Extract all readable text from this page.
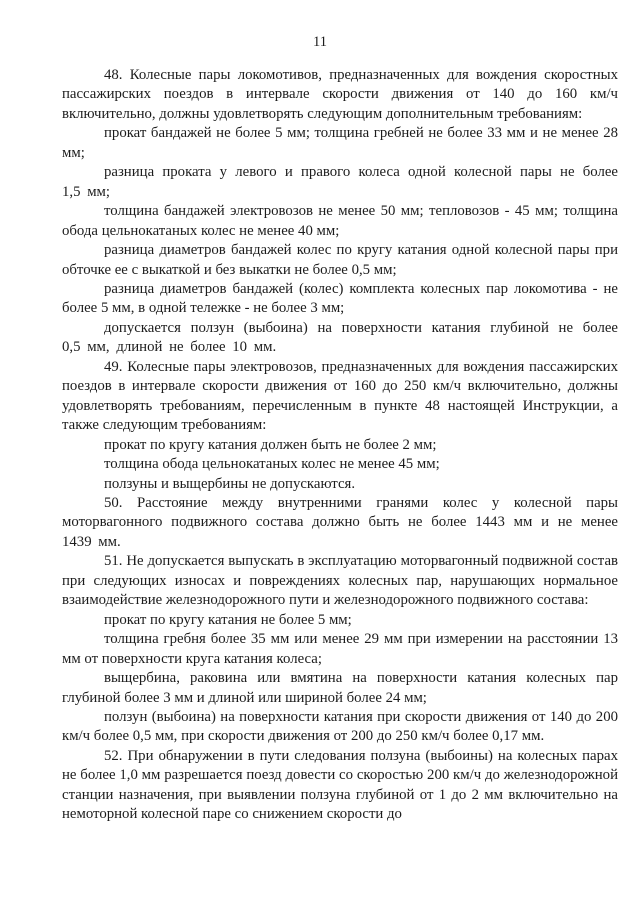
11

48. Колесные пары локомотивов, предназначенных для вождения скоростных пассажирских поездов в интервале скорости движения от 140 до 160 км/ч включительно, должны удовлетворять следующим дополнительным требованиям:

прокат бандажей не более 5 мм; толщина гребней не более 33 мм и не менее 28 мм;

разница проката у левого и правого колеса одной колесной пары не более 1,5 мм;

толщина бандажей электровозов не менее 50 мм; тепловозов - 45 мм; толщина обода цельнокатаных колес не менее 40 мм;

разница диаметров бандажей колес по кругу катания одной колесной пары при обточке ее с выкаткой и без выкатки не более 0,5 мм;

разница диаметров бандажей (колес) комплекта колесных пар локомотива - не более 5 мм, в одной тележке - не более 3 мм;

допускается ползун (выбоина) на поверхности катания глубиной не более 0,5 мм, длиной не более 10 мм.

49. Колесные пары электровозов, предназначенных для вождения пассажирских поездов в интервале скорости движения от 160 до 250 км/ч включительно, должны удовлетворять требованиям, перечисленным в пункте 48 настоящей Инструкции, а также следующим требованиям:

прокат по кругу катания должен быть не более 2 мм;

толщина обода цельнокатаных колес не менее 45 мм;

ползуны и выщербины не допускаются.

50. Расстояние между внутренними гранями колес у колесной пары моторвагонного подвижного состава должно быть не более 1443 мм и не менее 1439 мм.

51. Не допускается выпускать в эксплуатацию моторвагонный подвижной состав при следующих износах и повреждениях колесных пар, нарушающих нормальное взаимодействие железнодорожного пути и железнодорожного подвижного состава:

прокат по кругу катания не более 5 мм;

толщина гребня более 35 мм или менее 29 мм при измерении на расстоянии 13 мм от поверхности круга катания колеса;

выщербина, раковина или вмятина на поверхности катания колесных пар глубиной более 3 мм и длиной или шириной более 24 мм;

ползун (выбоина) на поверхности катания при скорости движения от 140 до 200 км/ч более 0,5 мм, при скорости движения от 200 до 250 км/ч более 0,17 мм.

52. При обнаружении в пути следования ползуна (выбоины) на колесных парах не более 1,0 мм разрешается поезд довести со скоростью 200 км/ч до железнодорожной станции назначения, при выявлении ползуна глубиной от 1 до 2 мм включительно на немоторной колесной паре со снижением скорости до
